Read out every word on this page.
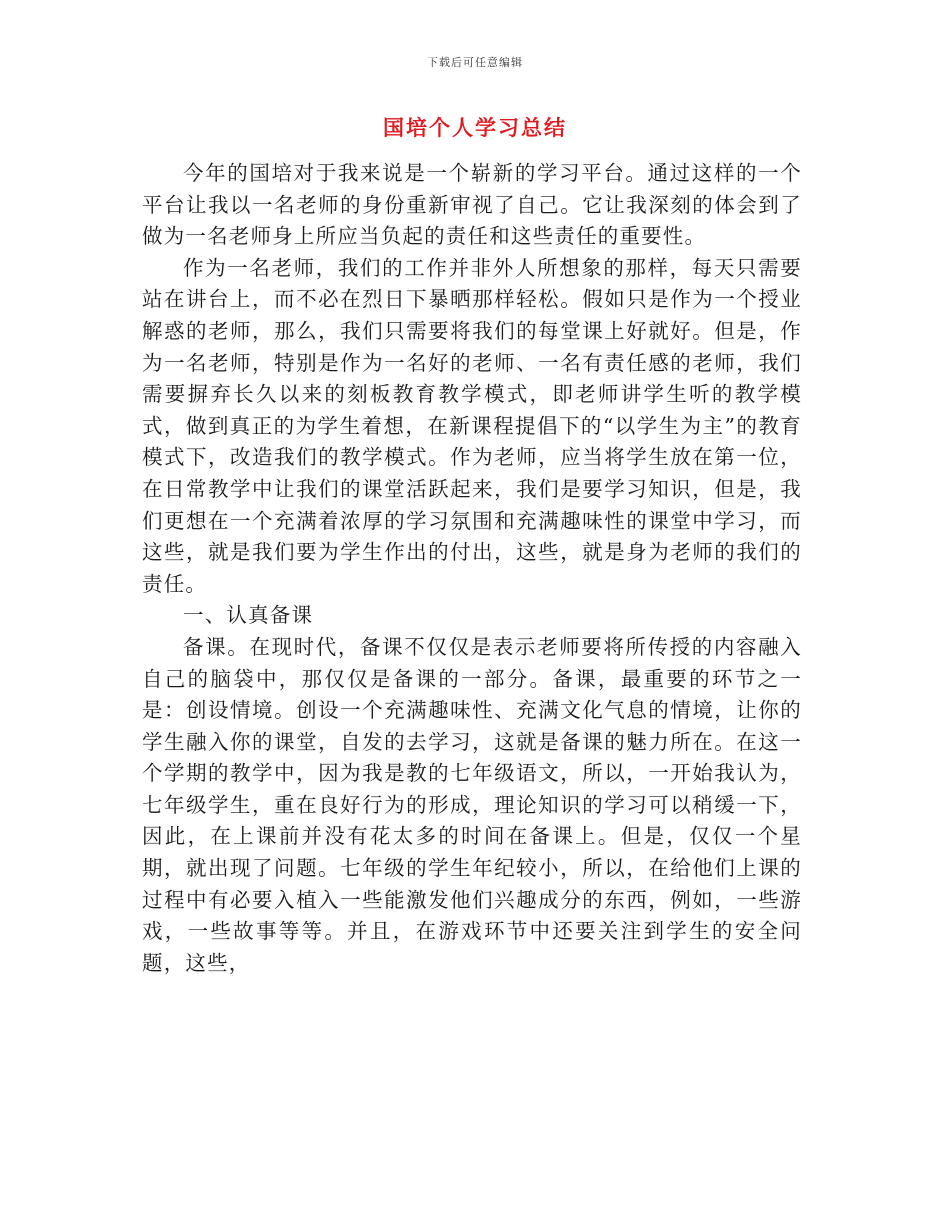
下载后可任意编辑
国培个人学习总结

今年的国培对于我来说是一个崭新的学习平台。通过这样的一个平台让我以一名老师的身份重新审视了自己。它让我深刻的体会到了做为一名老师身上所应当负起的责任和这些责任的重要性。

作为一名老师，我们的工作并非外人所想象的那样，每天只需要站在讲台上，而不必在烈日下暴晒那样轻松。假如只是作为一个授业解惑的老师，那么，我们只需要将我们的每堂课上好就好。但是，作为一名老师，特别是作为一名好的老师、一名有责任感的老师，我们需要摒弃长久以来的刻板教育教学模式，即老师讲学生听的教学模式，做到真正的为学生着想，在新课程提倡下的“以学生为主”的教育模式下，改造我们的教学模式。作为老师，应当将学生放在第一位，在日常教学中让我们的课堂活跃起来，我们是要学习知识，但是，我们更想在一个充满着浓厚的学习氛围和充满趣味性的课堂中学习，而这些，就是我们要为学生作出的付出，这些，就是身为老师的我们的责任。

一、认真备课

备课。在现时代，备课不仅仅是表示老师要将所传授的内容融入自己的脑袋中，那仅仅是备课的一部分。备课，最重要的环节之一是：创设情境。创设一个充满趣味性、充满文化气息的情境，让你的学生融入你的课堂，自发的去学习，这就是备课的魅力所在。在这一个学期的教学中，因为我是教的七年级语文，所以，一开始我认为，七年级学生，重在良好行为的形成，理论知识的学习可以稍缓一下，因此，在上课前并没有花太多的时间在备课上。但是，仅仅一个星期，就出现了问题。七年级的学生年纪较小，所以，在给他们上课的过程中有必要入植入一些能激发他们兴趣成分的东西，例如，一些游戏，一些故事等等。并且，在游戏环节中还要关注到学生的安全问题，这些，
